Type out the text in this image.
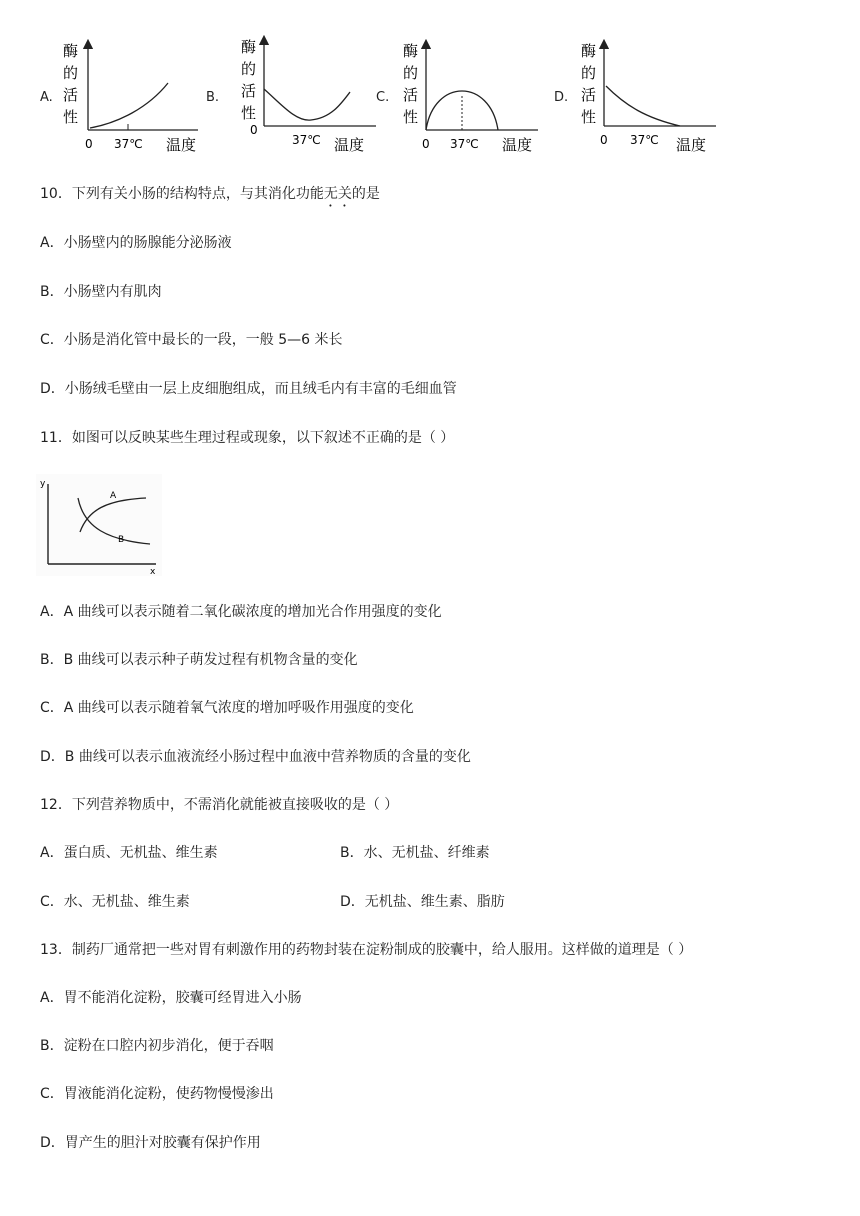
A.
酶
的
活
性
0 37℃ 温度
B.
酶
的
活
性
0
37℃ 温度
C.
酶
的
活
性
0 37℃ 温度
D.
酶
的
活
性
0 37℃ 温度
10．下列有关小肠的结构特点，与其消化功能无关的是
A．小肠壁内的肠腺能分泌肠液
B．小肠壁内有肌肉
C．小肠是消化管中最长的一段，一般 5—6 米长
D．小肠绒毛壁由一层上皮细胞组成，而且绒毛内有丰富的毛细血管
11．如图可以反映某些生理过程或现象，以下叙述不正确的是（ ）
y
x
A
B
A．A 曲线可以表示随着二氧化碳浓度的增加光合作用强度的变化
B．B 曲线可以表示种子萌发过程有机物含量的变化
C．A 曲线可以表示随着氧气浓度的增加呼吸作用强度的变化
D．B 曲线可以表示血液流经小肠过程中血液中营养物质的含量的变化
12．下列营养物质中，不需消化就能被直接吸收的是（ ）
A．蛋白质、无机盐、维生素	B．水、无机盐、纤维素
C．水、无机盐、维生素	D．无机盐、维生素、脂肪
13．制药厂通常把一些对胃有刺激作用的药物封装在淀粉制成的胶囊中，给人服用。这样做的道理是（ ）
A．胃不能消化淀粉，胶囊可经胃进入小肠
B．淀粉在口腔内初步消化，便于吞咽
C．胃液能消化淀粉，使药物慢慢渗出
D．胃产生的胆汁对胶囊有保护作用
